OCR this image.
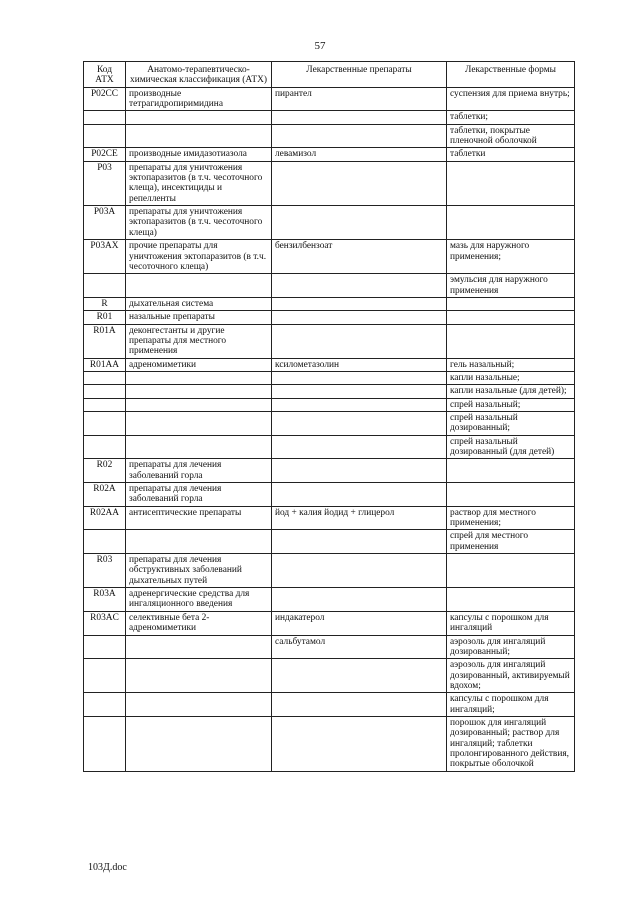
57
Код АТХ	Анатомо-терапевтическо-химическая классификация (АТХ)	Лекарственные препараты	Лекарственные формы
P02CC	производные тетрагидропиримидина	пирантел	суспензия для приема внутрь;
			таблетки;
			таблетки, покрытые пленочной оболочкой
P02CE	производные имидазотиазола	левамизол	таблетки
P03	препараты для уничтожения эктопаразитов (в т.ч. чесоточного клеща), инсектициды и репелленты		
P03A	препараты для уничтожения эктопаразитов (в т.ч. чесоточного клеща)		
P03AX	прочие препараты для уничтожения эктопаразитов (в т.ч. чесоточного клеща)	бензилбензоат	мазь для наружного применения;
			эмульсия для наружного применения
R	дыхательная система		
R01	назальные препараты		
R01A	деконгестанты и другие препараты для местного применения		
R01AA	адреномиметики	ксилометазолин	гель назальный;
			капли назальные;
			капли назальные (для детей);
			спрей назальный;
			спрей назальный дозированный;
			спрей назальный дозированный (для детей)
R02	препараты для лечения заболеваний горла		
R02A	препараты для лечения заболеваний горла		
R02AA	антисептические препараты	йод + калия йодид + глицерол	раствор для местного применения;
			спрей для местного применения
R03	препараты для лечения обструктивных заболеваний дыхательных путей		
R03A	адренергические средства для ингаляционного введения		
R03AC	селективные бета 2-адреномиметики	индакатерол	капсулы с порошком для ингаляций
		сальбутамол	аэрозоль для ингаляций дозированный;
			аэрозоль для ингаляций дозированный, активируемый вдохом;
			капсулы с порошком для ингаляций;
			порошок для ингаляций дозированный; раствор для ингаляций; таблетки пролонгированного действия, покрытые оболочкой
103Д.doc
